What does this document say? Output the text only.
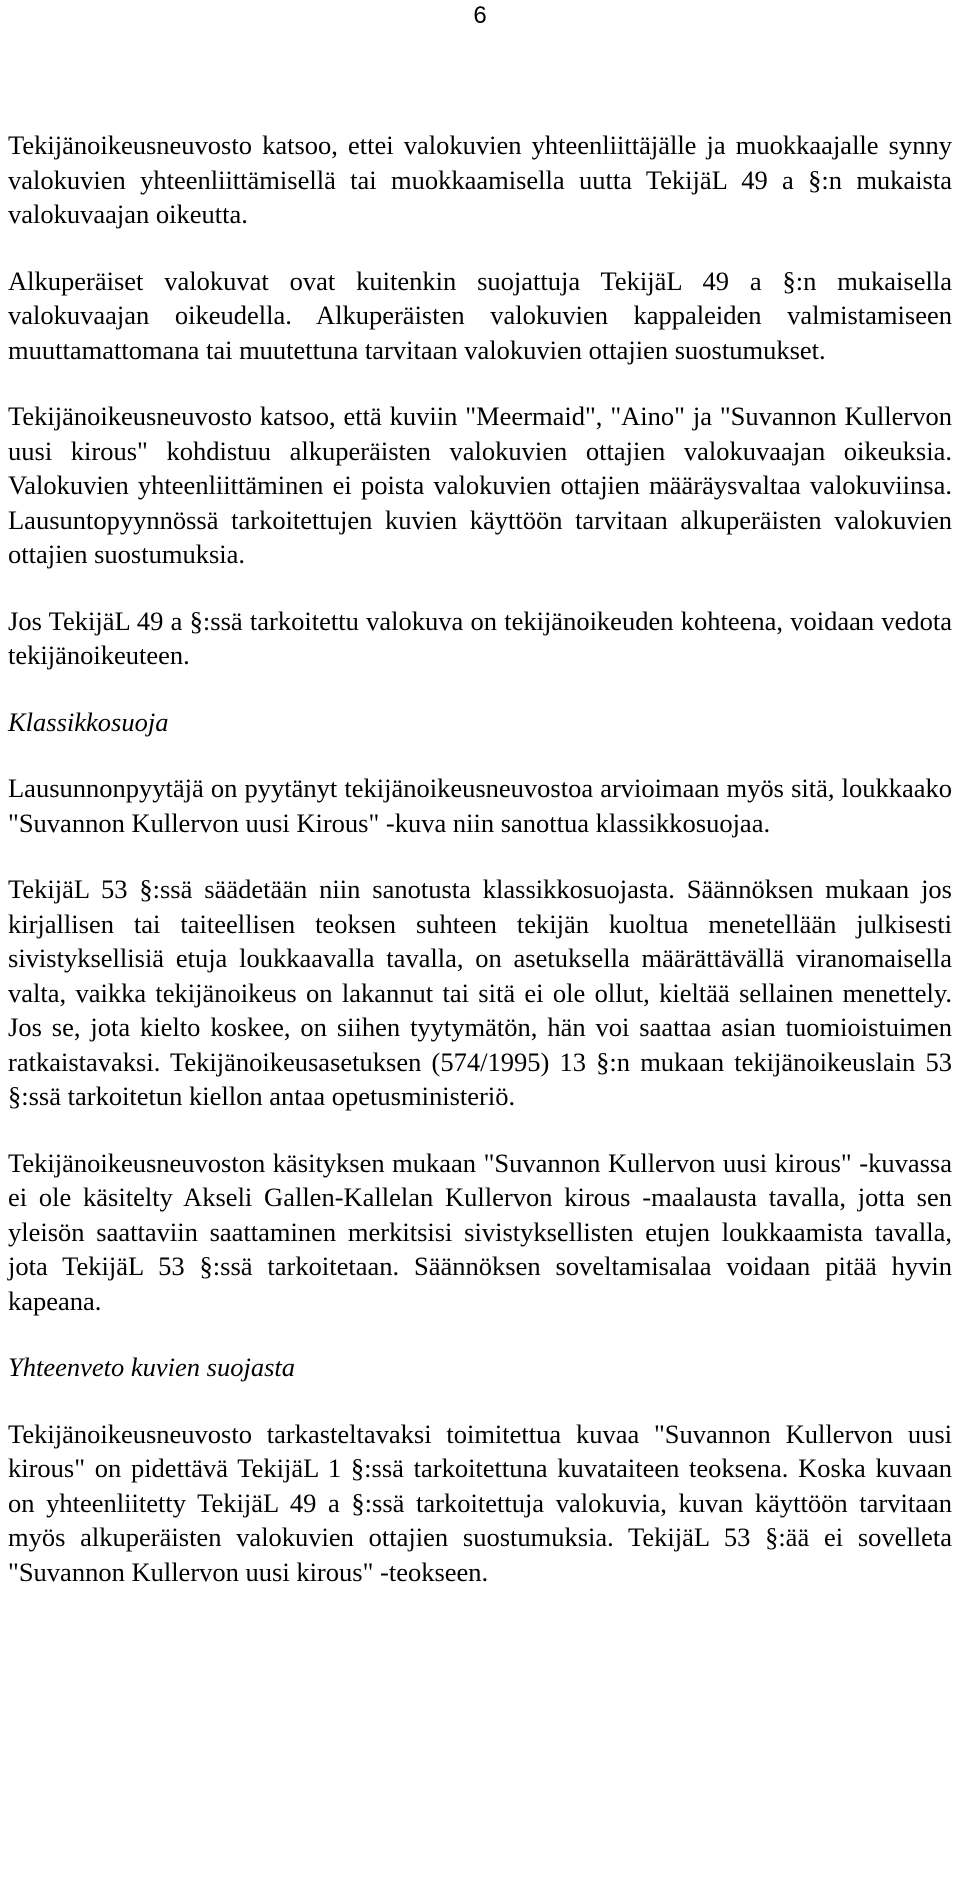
6

Tekijänoikeusneuvosto katsoo, ettei valokuvien yhteenliittäjälle ja muokkaajalle synny valokuvien yhteenliittämisellä tai muokkaamisella uutta TekijäL 49 a §:n mukaista valokuvaajan oikeutta.

Alkuperäiset valokuvat ovat kuitenkin suojattuja TekijäL 49 a §:n mukaisella valokuvaajan oikeudella. Alkuperäisten valokuvien kappaleiden valmistamiseen muuttamattomana tai muutettuna tarvitaan valokuvien ottajien suostumukset.

Tekijänoikeusneuvosto katsoo, että kuviin "Meermaid", "Aino" ja "Suvannon Kullervon uusi kirous" kohdistuu alkuperäisten valokuvien ottajien valokuvaajan oikeuksia. Valokuvien yhteenliittäminen ei poista valokuvien ottajien määräysvaltaa valokuviinsa. Lausuntopyynnössä tarkoitettujen kuvien käyttöön tarvitaan alkuperäisten valokuvien ottajien suostumuksia.

Jos TekijäL 49 a §:ssä tarkoitettu valokuva on tekijänoikeuden kohteena, voidaan vedota tekijänoikeuteen.

Klassikkosuoja

Lausunnonpyytäjä on pyytänyt tekijänoikeusneuvostoa arvioimaan myös sitä, loukkaako "Suvannon Kullervon uusi Kirous" -kuva niin sanottua klassikkosuojaa.

TekijäL 53 §:ssä säädetään niin sanotusta klassikkosuojasta. Säännöksen mukaan jos kirjallisen tai taiteellisen teoksen suhteen tekijän kuoltua menetellään julkisesti sivistyksellisiä etuja loukkaavalla tavalla, on asetuksella määrättävällä viranomaisella valta, vaikka tekijänoikeus on lakannut tai sitä ei ole ollut, kieltää sellainen menettely. Jos se, jota kielto koskee, on siihen tyytymätön, hän voi saattaa asian tuomioistuimen ratkaistavaksi. Tekijänoikeusasetuksen (574/1995) 13 §:n mukaan tekijänoikeuslain 53 §:ssä tarkoitetun kiellon antaa opetusministeriö.

Tekijänoikeusneuvoston käsityksen mukaan "Suvannon Kullervon uusi kirous" -kuvassa ei ole käsitelty Akseli Gallen-Kallelan Kullervon kirous -maalausta tavalla, jotta sen yleisön saattaviin saattaminen merkitsisi sivistyksellisten etujen loukkaamista tavalla, jota TekijäL 53 §:ssä tarkoitetaan. Säännöksen soveltamisalaa voidaan pitää hyvin kapeana.

Yhteenveto kuvien suojasta

Tekijänoikeusneuvosto tarkasteltavaksi toimitettua kuvaa "Suvannon Kullervon uusi kirous" on pidettävä TekijäL 1 §:ssä tarkoitettuna kuvataiteen teoksena. Koska kuvaan on yhteenliitetty TekijäL 49 a §:ssä tarkoitettuja valokuvia, kuvan käyttöön tarvitaan myös alkuperäisten valokuvien ottajien suostumuksia. TekijäL 53 §:ää ei sovelleta "Suvannon Kullervon uusi kirous" -teokseen.
